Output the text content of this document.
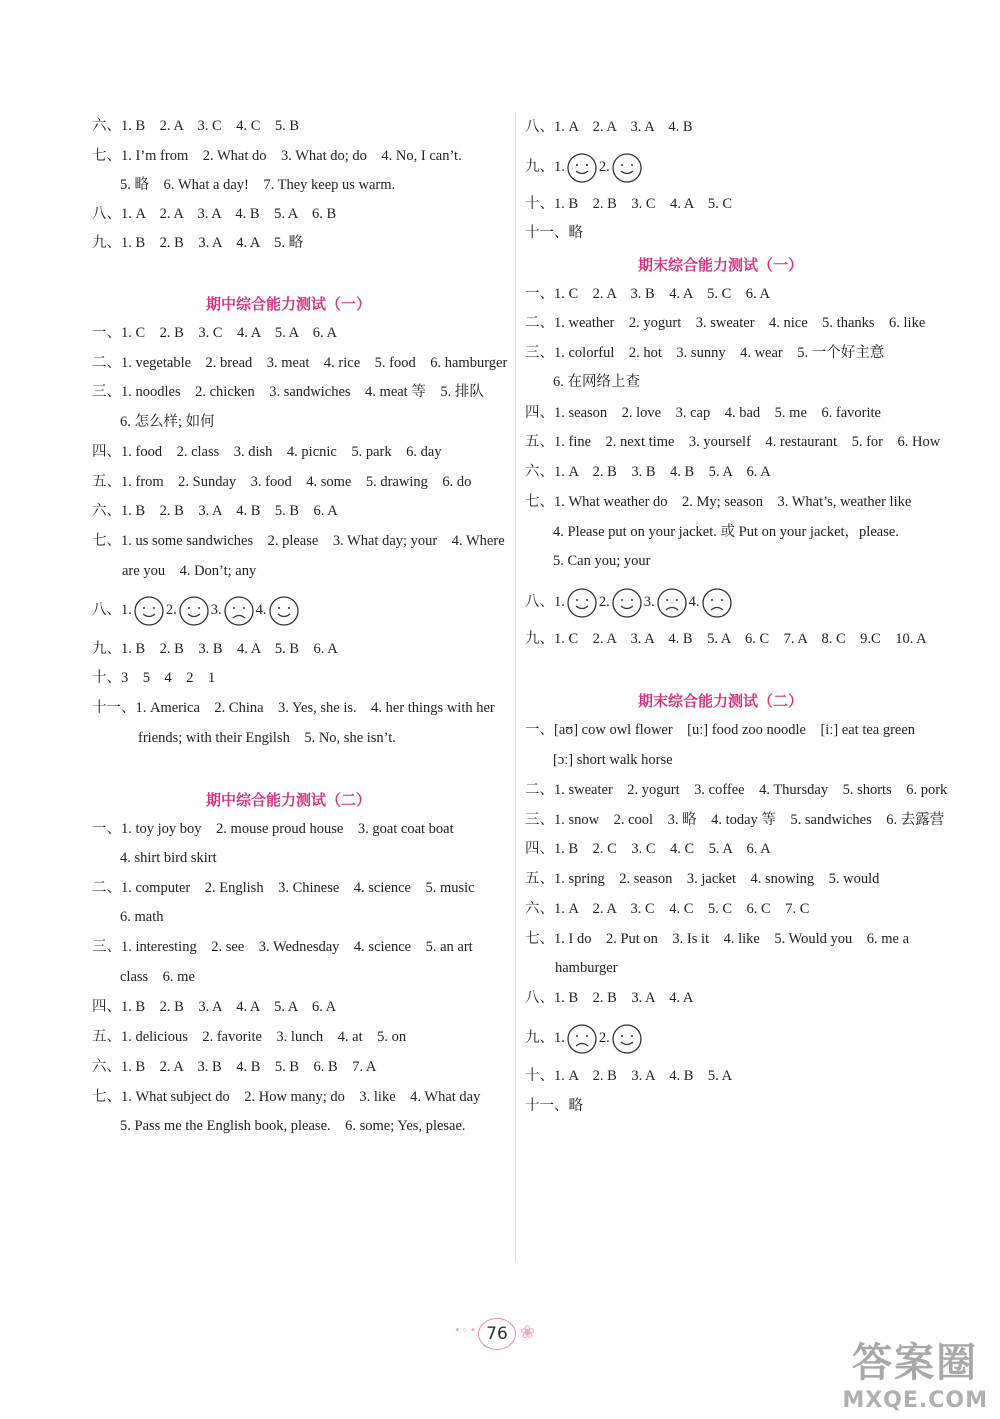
六、1. B　2. A　3. C　4. C　5. B
七、1. I’m from　2. What do　3. What do; do　4. No, I can’t.
5. 略　6. What a day!　7. They keep us warm.
八、1. A　2. A　3. A　4. B　5. A　6. B
九、1. B　2. B　3. A　4. A　5. 略
期中综合能力测试（一）
一、1. C　2. B　3. C　4. A　5. A　6. A
二、1. vegetable　2. bread　3. meat　4. rice　5. food　6. hamburger
三、1. noodles　2. chicken　3. sandwiches　4. meat 等　5. 排队
6. 怎么样; 如何
四、1. food　2. class　3. dish　4. picnic　5. park　6. day
五、1. from　2. Sunday　3. food　4. some　5. drawing　6. do
六、1. B　2. B　3. A　4. B　5. B　6. A
七、1. us some sandwiches　2. please　3. What day; your　4. Where
are you　4. Don’t; any
八、1. 2. 3. 4.
九、1. B　2. B　3. B　4. A　5. B　6. A
十、3　5　4　2　1
十一、1. America　2. China　3. Yes, she is.　4. her things with her
friends; with their Engilsh　5. No, she isn’t.
期中综合能力测试（二）
一、1. toy joy boy　2. mouse proud house　3. goat coat boat
4. shirt bird skirt
二、1. computer　2. English　3. Chinese　4. science　5. music
6. math
三、1. interesting　2. see　3. Wednesday　4. science　5. an art
class　6. me
四、1. B　2. B　3. A　4. A　5. A　6. A
五、1. delicious　2. favorite　3. lunch　4. at　5. on
六、1. B　2. A　3. B　4. B　5. B　6. B　7. A
七、1. What subject do　2. How many; do　3. like　4. What day
5. Pass me the English book, please.　6. some; Yes, plesae.
八、1. A　2. A　3. A　4. B
九、1. 2.
十、1. B　2. B　3. C　4. A　5. C
十一、略
期末综合能力测试（一）
一、1. C　2. A　3. B　4. A　5. C　6. A
二、1. weather　2. yogurt　3. sweater　4. nice　5. thanks　6. like
三、1. colorful　2. hot　3. sunny　4. wear　5. 一个好主意
6. 在网络上查
四、1. season　2. love　3. cap　4. bad　5. me　6. favorite
五、1. fine　2. next time　3. yourself　4. restaurant　5. for　6. How
六、1. A　2. B　3. B　4. B　5. A　6. A
七、1. What weather do　2. My; season　3. What’s, weather like
4. Please put on your jacket. 或 Put on your jacket，please.
5. Can you; your
八、1. 2. 3. 4.
九、1. C　2. A　3. A　4. B　5. A　6. C　7. A　8. C　9.C　10. A
期末综合能力测试（二）
一、[aʊ] cow owl flower　[uː] food zoo noodle　[iː] eat tea green
[ɔː] short walk horse
二、1. sweater　2. yogurt　3. coffee　4. Thursday　5. shorts　6. pork
三、1. snow　2. cool　3. 略　4. today 等　5. sandwiches　6. 去露营
四、1. B　2. C　3. C　4. C　5. A　6. A
五、1. spring　2. season　3. jacket　4. snowing　5. would
六、1. A　2. A　3. C　4. C　5. C　6. C　7. C
七、1. I do　2. Put on　3. Is it　4. like　5. Would you　6. me a
hamburger
八、1. B　2. B　3. A　4. A
九、1. 2.
十、1. A　2. B　3. A　4. B　5. A
十一、略
• ◦ • 76 ❀
答案圈
MXQE.COM
